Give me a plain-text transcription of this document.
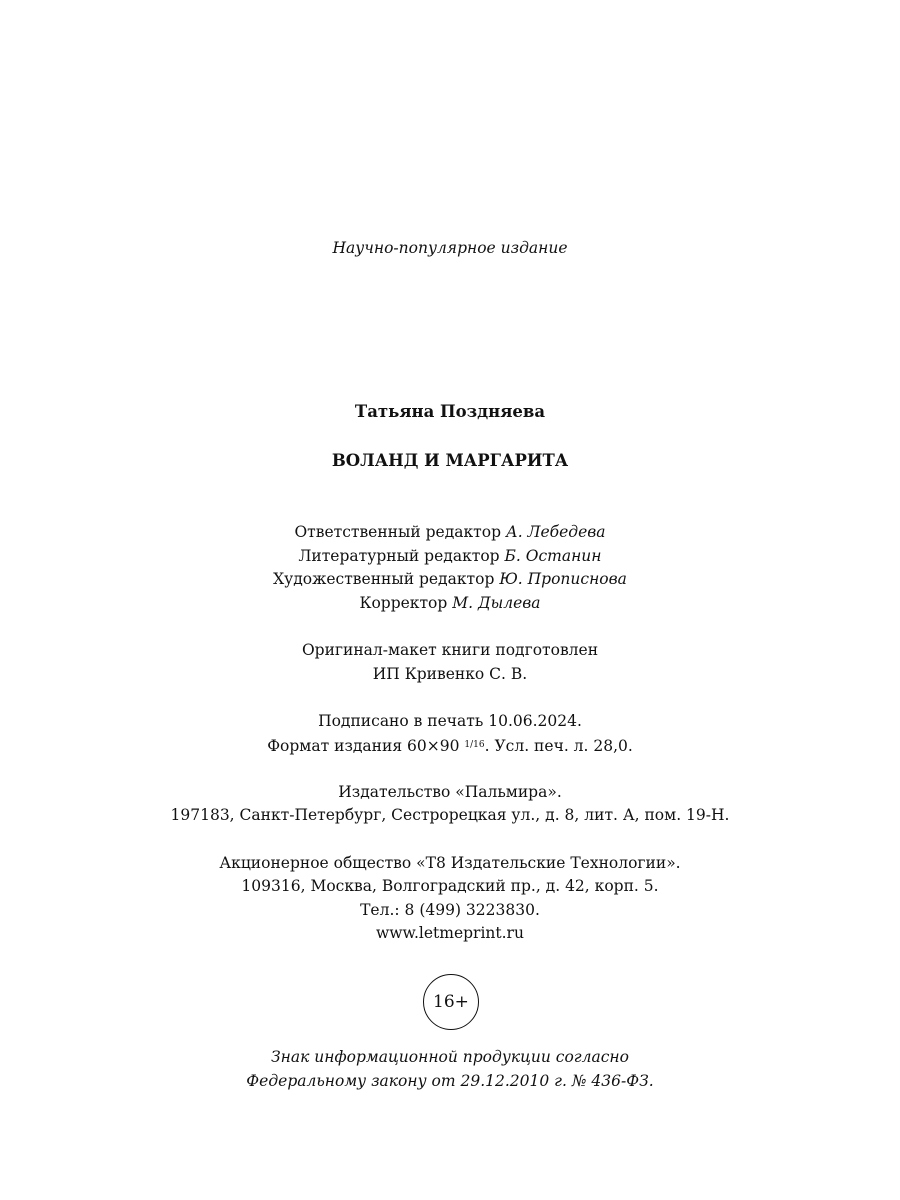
Научно-популярное издание
Татьяна Поздняева
ВОЛАНД И МАРГАРИТА
Ответственный редактор А. Лебедева
Литературный редактор Б. Останин
Художественный редактор Ю. Прописнова
Корректор М. Дылева
Оригинал-макет книги подготовлен
ИП Кривенко С. В.
Подписано в печать 10.06.2024.
Формат издания 60×90 $^{1/16}$. Усл. печ. л. 28,0.
Издательство «Пальмира».
197183, Санкт-Петербург, Сестрорецкая ул., д. 8, лит. А, пом. 19-Н.
Акционерное общество «Т8 Издательские Технологии».
109316, Москва, Волгоградский пр., д. 42, корп. 5.
Тел.: 8 (499) 3223830.
www.letmeprint.ru
16+
Знак информационной продукции согласно
Федеральному закону от 29.12.2010 г. № 436-ФЗ.
